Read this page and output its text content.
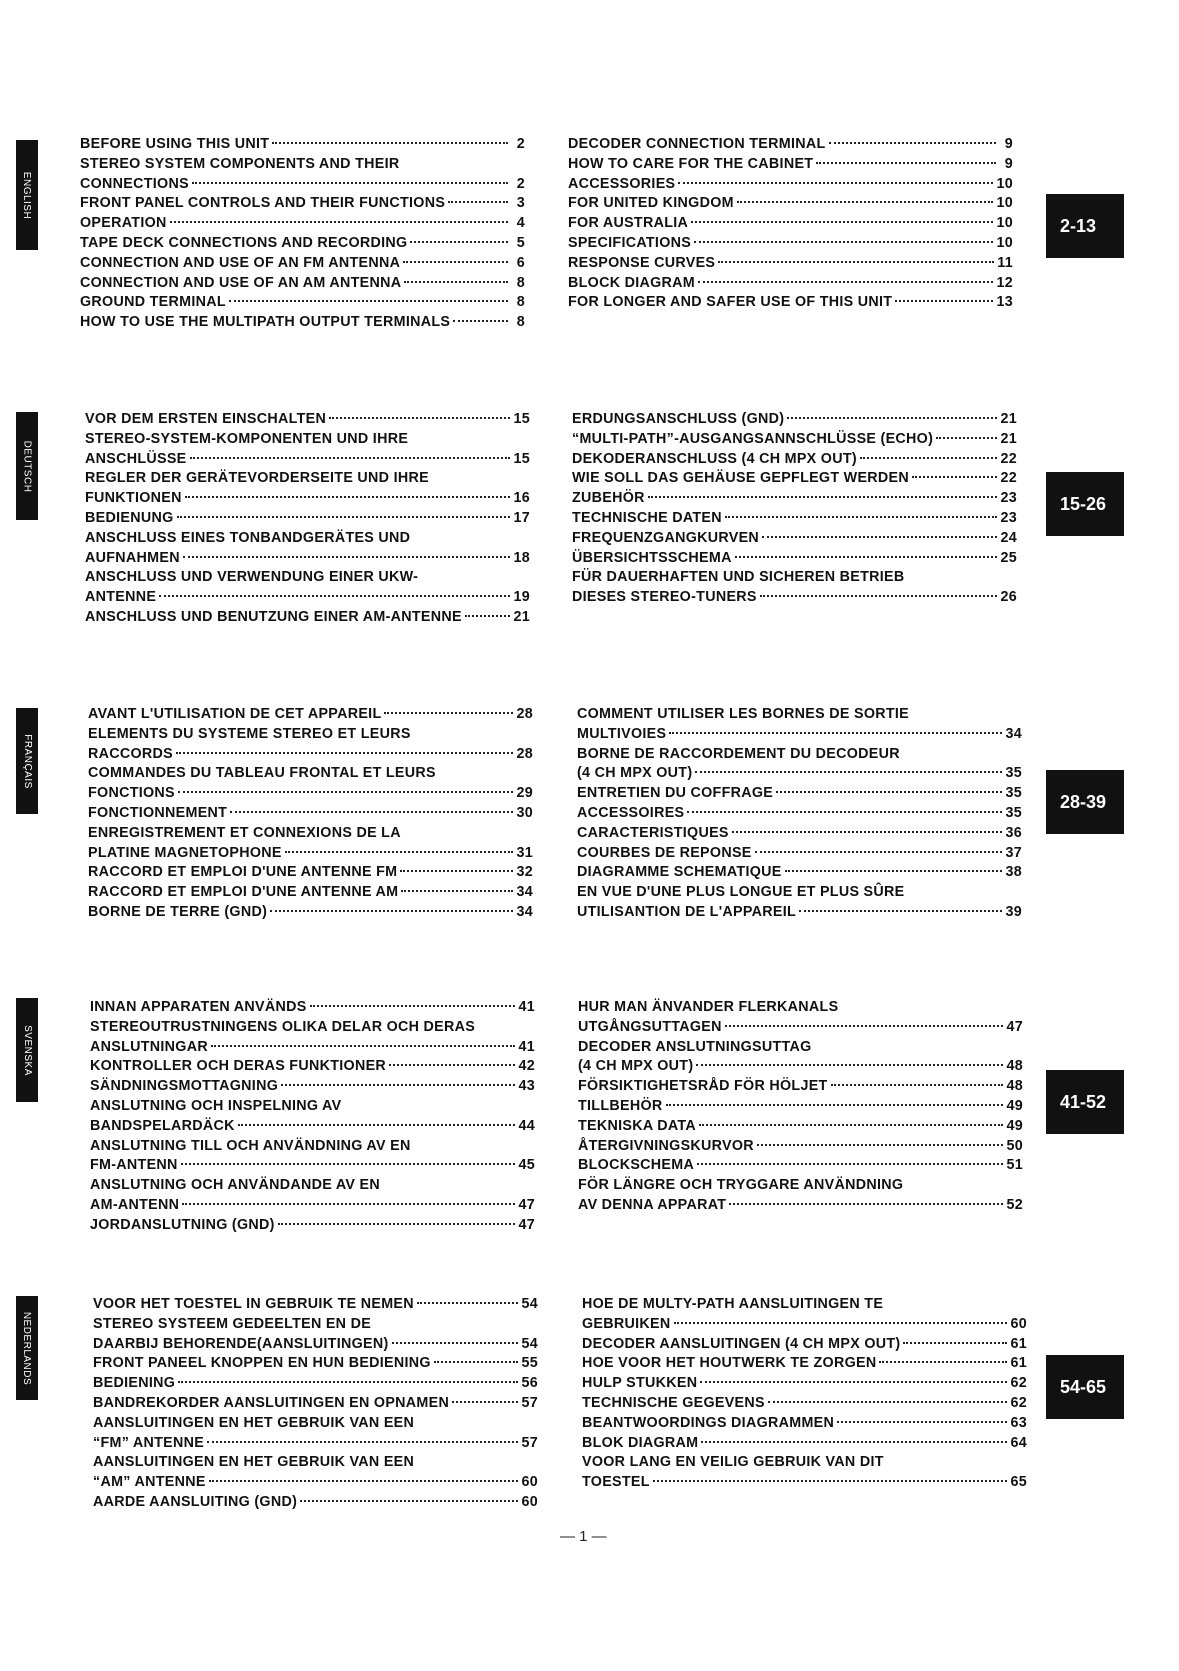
ENGLISH
BEFORE USING THIS UNIT	2
STEREO SYSTEM COMPONENTS AND THEIR
CONNECTIONS	2
FRONT PANEL CONTROLS AND THEIR FUNCTIONS	3
OPERATION	4
TAPE DECK CONNECTIONS AND RECORDING	5
CONNECTION AND USE OF AN FM ANTENNA	6
CONNECTION AND USE OF AN AM ANTENNA	8
GROUND TERMINAL	8
HOW TO USE THE MULTIPATH OUTPUT TERMINALS	8
DECODER CONNECTION TERMINAL	9
HOW TO CARE FOR THE CABINET	9
ACCESSORIES	10
FOR UNITED KINGDOM	10
FOR AUSTRALIA	10
SPECIFICATIONS	10
RESPONSE CURVES	11
BLOCK DIAGRAM	12
FOR LONGER AND SAFER USE OF THIS UNIT	13
2-13
DEUTSCH
VOR DEM ERSTEN EINSCHALTEN	15
STEREO-SYSTEM-KOMPONENTEN UND IHRE
ANSCHLÜSSE	15
REGLER DER GERÄTEVORDERSEITE UND IHRE
FUNKTIONEN	16
BEDIENUNG	17
ANSCHLUSS EINES TONBANDGERÄTES UND
AUFNAHMEN	18
ANSCHLUSS UND VERWENDUNG EINER UKW-
ANTENNE	19
ANSCHLUSS UND BENUTZUNG EINER AM-ANTENNE	21
ERDUNGSANSCHLUSS (GND)	21
“MULTI-PATH”-AUSGANGSANNSCHLÜSSE (ECHO)	21
DEKODERANSCHLUSS (4 CH MPX OUT)	22
WIE SOLL DAS GEHÄUSE GEPFLEGT WERDEN	22
ZUBEHÖR	23
TECHNISCHE DATEN	23
FREQUENZGANGKURVEN	24
ÜBERSICHTSSCHEMA	25
FÜR DAUERHAFTEN UND SICHEREN BETRIEB
DIESES STEREO-TUNERS	26
15-26
FRANÇAIS
AVANT L'UTILISATION DE CET APPAREIL	28
ELEMENTS DU SYSTEME STEREO ET LEURS
RACCORDS	28
COMMANDES DU TABLEAU FRONTAL ET LEURS
FONCTIONS	29
FONCTIONNEMENT	30
ENREGISTREMENT ET CONNEXIONS DE LA
PLATINE MAGNETOPHONE	31
RACCORD ET EMPLOI D'UNE ANTENNE FM	32
RACCORD ET EMPLOI D'UNE ANTENNE AM	34
BORNE DE TERRE (GND)	34
COMMENT UTILISER LES BORNES DE SORTIE
MULTIVOIES	34
BORNE DE RACCORDEMENT DU DECODEUR
(4 CH MPX OUT)	35
ENTRETIEN DU COFFRAGE	35
ACCESSOIRES	35
CARACTERISTIQUES	36
COURBES DE REPONSE	37
DIAGRAMME SCHEMATIQUE	38
EN VUE D'UNE PLUS LONGUE ET PLUS SÛRE
UTILISANTION DE L'APPAREIL	39
28-39
SVENSKA
INNAN APPARATEN ANVÄNDS	41
STEREOUTRUSTNINGENS OLIKA DELAR OCH DERAS
ANSLUTNINGAR	41
KONTROLLER OCH DERAS FUNKTIONER	42
SÄNDNINGSMOTTAGNING	43
ANSLUTNING OCH INSPELNING AV
BANDSPELARDÄCK	44
ANSLUTNING TILL OCH ANVÄNDNING AV EN
FM-ANTENN	45
ANSLUTNING OCH ANVÄNDANDE AV EN
AM-ANTENN	47
JORDANSLUTNING (GND)	47
HUR MAN ÄNVANDER FLERKANALS
UTGÅNGSUTTAGEN	47
DECODER ANSLUTNINGSUTTAG
(4 CH MPX OUT)	48
FÖRSIKTIGHETSRÅD FÖR HÖLJET	48
TILLBEHÖR	49
TEKNISKA DATA	49
ÅTERGIVNINGSKURVOR	50
BLOCKSCHEMA	51
FÖR LÄNGRE OCH TRYGGARE ANVÄNDNING
AV DENNA APPARAT	52
41-52
NEDERLANDS
VOOR HET TOESTEL IN GEBRUIK TE NEMEN	54
STEREO SYSTEEM GEDEELTEN EN DE
DAARBIJ BEHORENDE(AANSLUITINGEN)	54
FRONT PANEEL KNOPPEN EN HUN BEDIENING	55
BEDIENING	56
BANDREKORDER AANSLUITINGEN EN OPNAMEN	57
AANSLUITINGEN EN HET GEBRUIK VAN EEN
“FM” ANTENNE	57
AANSLUITINGEN EN HET GEBRUIK VAN EEN
“AM” ANTENNE	60
AARDE AANSLUITING (GND)	60
HOE DE MULTY-PATH AANSLUITINGEN TE
GEBRUIKEN	60
DECODER AANSLUITINGEN (4 CH MPX OUT)	61
HOE VOOR HET HOUTWERK TE ZORGEN	61
HULP STUKKEN	62
TECHNISCHE GEGEVENS	62
BEANTWOORDINGS DIAGRAMMEN	63
BLOK DIAGRAM	64
VOOR LANG EN VEILIG GEBRUIK VAN DIT
TOESTEL	65
54-65
— 1 —
